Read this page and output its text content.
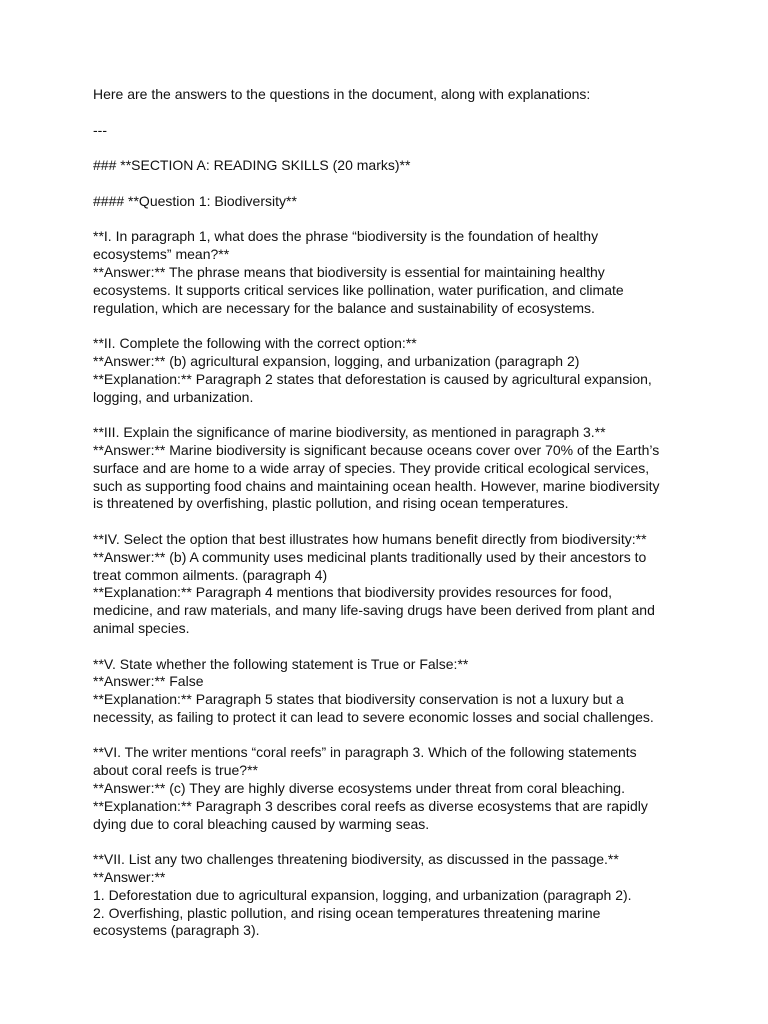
Here are the answers to the questions in the document, along with explanations:
---
### **SECTION A: READING SKILLS (20 marks)**
#### **Question 1: Biodiversity**
**I. In paragraph 1, what does the phrase “biodiversity is the foundation of healthy
ecosystems” mean?**
**Answer:** The phrase means that biodiversity is essential for maintaining healthy
ecosystems. It supports critical services like pollination, water purification, and climate
regulation, which are necessary for the balance and sustainability of ecosystems.
**II. Complete the following with the correct option:**
**Answer:** (b) agricultural expansion, logging, and urbanization (paragraph 2)
**Explanation:** Paragraph 2 states that deforestation is caused by agricultural expansion,
logging, and urbanization.
**III. Explain the significance of marine biodiversity, as mentioned in paragraph 3.**
**Answer:** Marine biodiversity is significant because oceans cover over 70% of the Earth’s
surface and are home to a wide array of species. They provide critical ecological services,
such as supporting food chains and maintaining ocean health. However, marine biodiversity
is threatened by overfishing, plastic pollution, and rising ocean temperatures.
**IV. Select the option that best illustrates how humans benefit directly from biodiversity:**
**Answer:** (b) A community uses medicinal plants traditionally used by their ancestors to
treat common ailments. (paragraph 4)
**Explanation:** Paragraph 4 mentions that biodiversity provides resources for food,
medicine, and raw materials, and many life-saving drugs have been derived from plant and
animal species.
**V. State whether the following statement is True or False:**
**Answer:** False
**Explanation:** Paragraph 5 states that biodiversity conservation is not a luxury but a
necessity, as failing to protect it can lead to severe economic losses and social challenges.
**VI. The writer mentions “coral reefs” in paragraph 3. Which of the following statements
about coral reefs is true?**
**Answer:** (c) They are highly diverse ecosystems under threat from coral bleaching.
**Explanation:** Paragraph 3 describes coral reefs as diverse ecosystems that are rapidly
dying due to coral bleaching caused by warming seas.
**VII. List any two challenges threatening biodiversity, as discussed in the passage.**
**Answer:**
1. Deforestation due to agricultural expansion, logging, and urbanization (paragraph 2).
2. Overfishing, plastic pollution, and rising ocean temperatures threatening marine
ecosystems (paragraph 3).
